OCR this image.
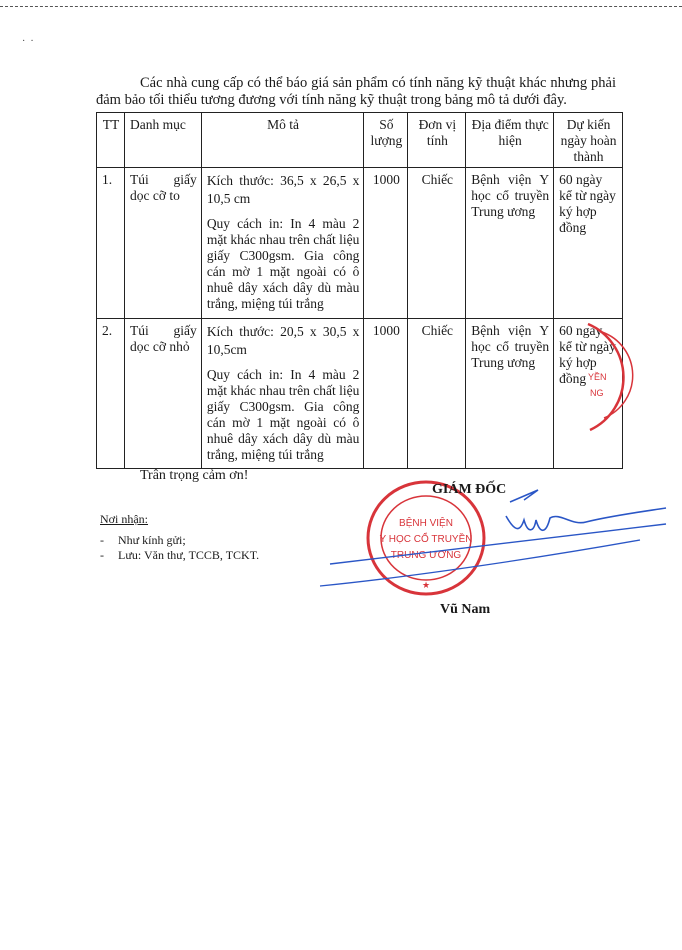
·  ·

Các nhà cung cấp có thể báo giá sản phẩm có tính năng kỹ thuật khác nhưng phải đảm bảo tối thiểu tương đương với tính năng kỹ thuật trong bảng mô tả dưới đây.

TT	Danh mục	Mô tả	Số lượng	Đơn vị tính	Địa điểm thực hiện	Dự kiến ngày hoàn thành
1.	Túi giấy dọc cỡ to	Kích thước: 36,5 x 26,5 x 10,5 cm

Quy cách in: In 4 màu 2 mặt khác nhau trên chất liệu giấy C300gsm. Gia công cán mờ 1 mặt ngoài có ô nhuê dây xách dây dù màu trắng, miệng túi trắng	1000	Chiếc	Bệnh viện Y học cổ truyền Trung ương	60 ngày kể từ ngày ký hợp đồng
2.	Túi giấy dọc cỡ nhỏ	Kích thước: 20,5 x 30,5 x 10,5cm

Quy cách in: In 4 màu 2 mặt khác nhau trên chất liệu giấy C300gsm. Gia công cán mờ 1 mặt ngoài có ô nhuê dây xách dây dù màu trắng, miệng túi trắng	1000	Chiếc	Bệnh viện Y học cổ truyền Trung ương	60 ngày kể từ ngày ký hợp đồng
Trân trọng cảm ơn!
Nơi nhận:
- Như kính gửi;
- Lưu: Văn thư, TCCB, TCKT.
YỀN
NG
BỆNH VIỆN
Y HỌC CỔ TRUYỀN
TRUNG ƯƠNG
★
GIÁM ĐỐC
Vũ Nam
